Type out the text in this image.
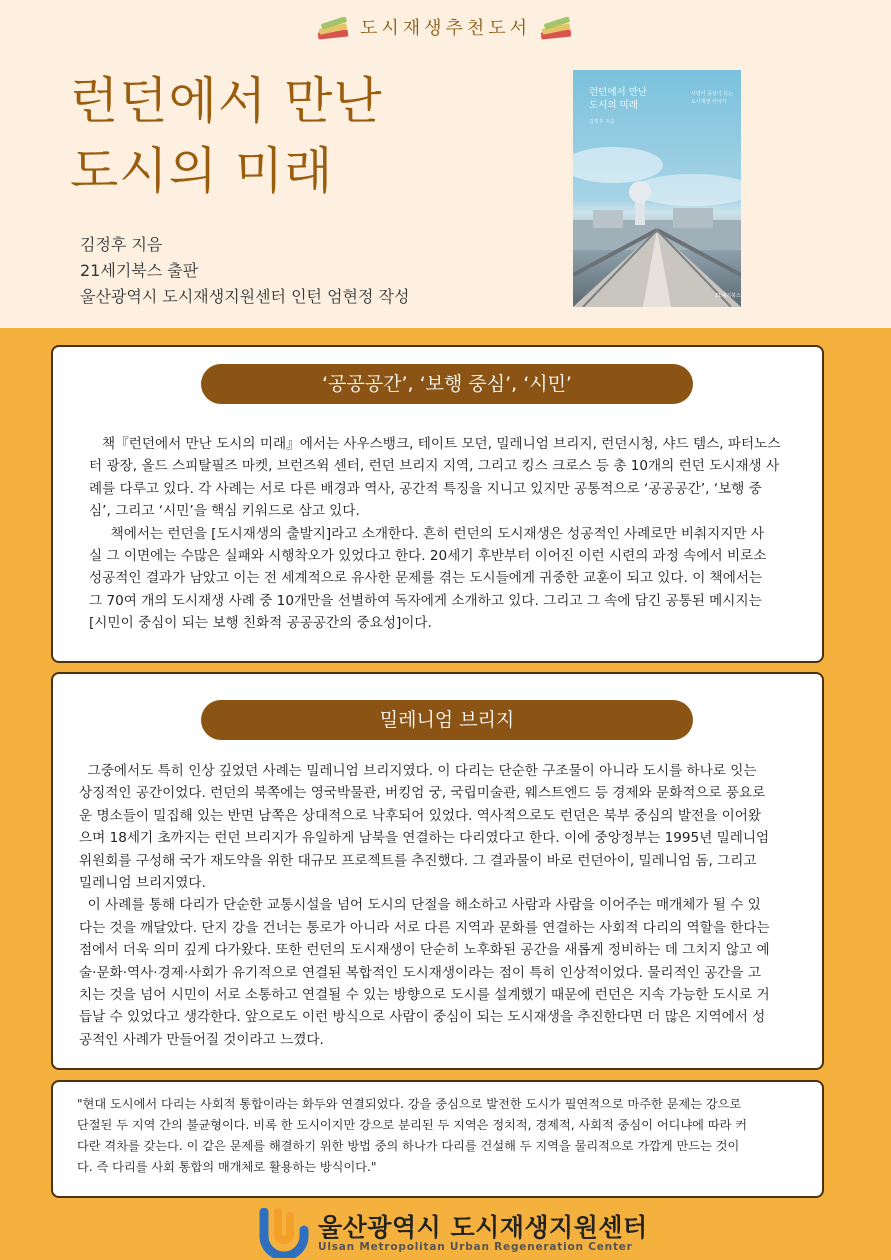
도시재생추천도서
런던에서 만난
도시의 미래
김정후 지음
21세기북스 출판
울산광역시 도시재생지원센터 인턴 엄현정 작성
런던에서 만난
도시의 미래
김정후 지음
사람이 중심이 되는
도시재생 이야기
21세기북스
‘공공공간’, ‘보행 중심’, ‘시민’
책『런던에서 만난 도시의 미래』에서는 사우스뱅크, 테이트 모던, 밀레니엄 브리지, 런던시청, 샤드 템스, 파터노스
터 광장, 올드 스피탈필즈 마켓, 브런즈윅 센터, 런던 브리지 지역, 그리고 킹스 크로스 등 총 10개의 런던 도시재생 사
례를 다루고 있다. 각 사례는 서로 다른 배경과 역사, 공간적 특징을 지니고 있지만 공통적으로 ‘공공공간’, ‘보행 중
심’, 그리고 ‘시민’을 핵심 키워드로 삼고 있다.
책에서는 런던을 [도시재생의 출발지]라고 소개한다. 흔히 런던의 도시재생은 성공적인 사례로만 비춰지지만 사
실 그 이면에는 수많은 실패와 시행착오가 있었다고 한다. 20세기 후반부터 이어진 이런 시련의 과정 속에서 비로소
성공적인 결과가 남았고 이는 전 세계적으로 유사한 문제를 겪는 도시들에게 귀중한 교훈이 되고 있다. 이 책에서는
그 70여 개의 도시재생 사례 중 10개만을 선별하여 독자에게 소개하고 있다. 그리고 그 속에 담긴 공통된 메시지는
[시민이 중심이 되는 보행 친화적 공공공간의 중요성]이다.
밀레니엄 브리지
그중에서도 특히 인상 깊었던 사례는 밀레니엄 브리지였다. 이 다리는 단순한 구조물이 아니라 도시를 하나로 잇는
상징적인 공간이었다. 런던의 북쪽에는 영국박물관, 버킹엄 궁, 국립미술관, 웨스트엔드 등 경제와 문화적으로 풍요로
운 명소들이 밀집해 있는 반면 남쪽은 상대적으로 낙후되어 있었다. 역사적으로도 런던은 북부 중심의 발전을 이어왔
으며 18세기 초까지는 런던 브리지가 유일하게 남북을 연결하는 다리였다고 한다. 이에 중앙정부는 1995년 밀레니엄
위원회를 구성해 국가 재도약을 위한 대규모 프로젝트를 추진했다. 그 결과물이 바로 런던아이, 밀레니엄 돔, 그리고
밀레니엄 브리지였다.
이 사례를 통해 다리가 단순한 교통시설을 넘어 도시의 단절을 해소하고 사람과 사람을 이어주는 매개체가 될 수 있
다는 것을 깨달았다. 단지 강을 건너는 통로가 아니라 서로 다른 지역과 문화를 연결하는 사회적 다리의 역할을 한다는
점에서 더욱 의미 깊게 다가왔다. 또한 런던의 도시재생이 단순히 노후화된 공간을 새롭게 정비하는 데 그치지 않고 예
술·문화·역사·경제·사회가 유기적으로 연결된 복합적인 도시재생이라는 점이 특히 인상적이었다. 물리적인 공간을 고
치는 것을 넘어 시민이 서로 소통하고 연결될 수 있는 방향으로 도시를 설계했기 때문에 런던은 지속 가능한 도시로 거
듭날 수 있었다고 생각한다. 앞으로도 이런 방식으로 사람이 중심이 되는 도시재생을 추진한다면 더 많은 지역에서 성
공적인 사례가 만들어질 것이라고 느꼈다.
"현대 도시에서 다리는 사회적 통합이라는 화두와 연결되었다. 강을 중심으로 발전한 도시가 필연적으로 마주한 문제는 강으로
단절된 두 지역 간의 불균형이다. 비록 한 도시이지만 강으로 분리된 두 지역은 정치적, 경제적, 사회적 중심이 어디냐에 따라 커
다란 격차를 갖는다. 이 같은 문제를 해결하기 위한 방법 중의 하나가 다리를 건설해 두 지역을 물리적으로 가깝게 만드는 것이
다. 즉 다리를 사회 통합의 매개체로 활용하는 방식이다."
울산광역시 도시재생지원센터
Ulsan Metropolitan Urban Regeneration Center
